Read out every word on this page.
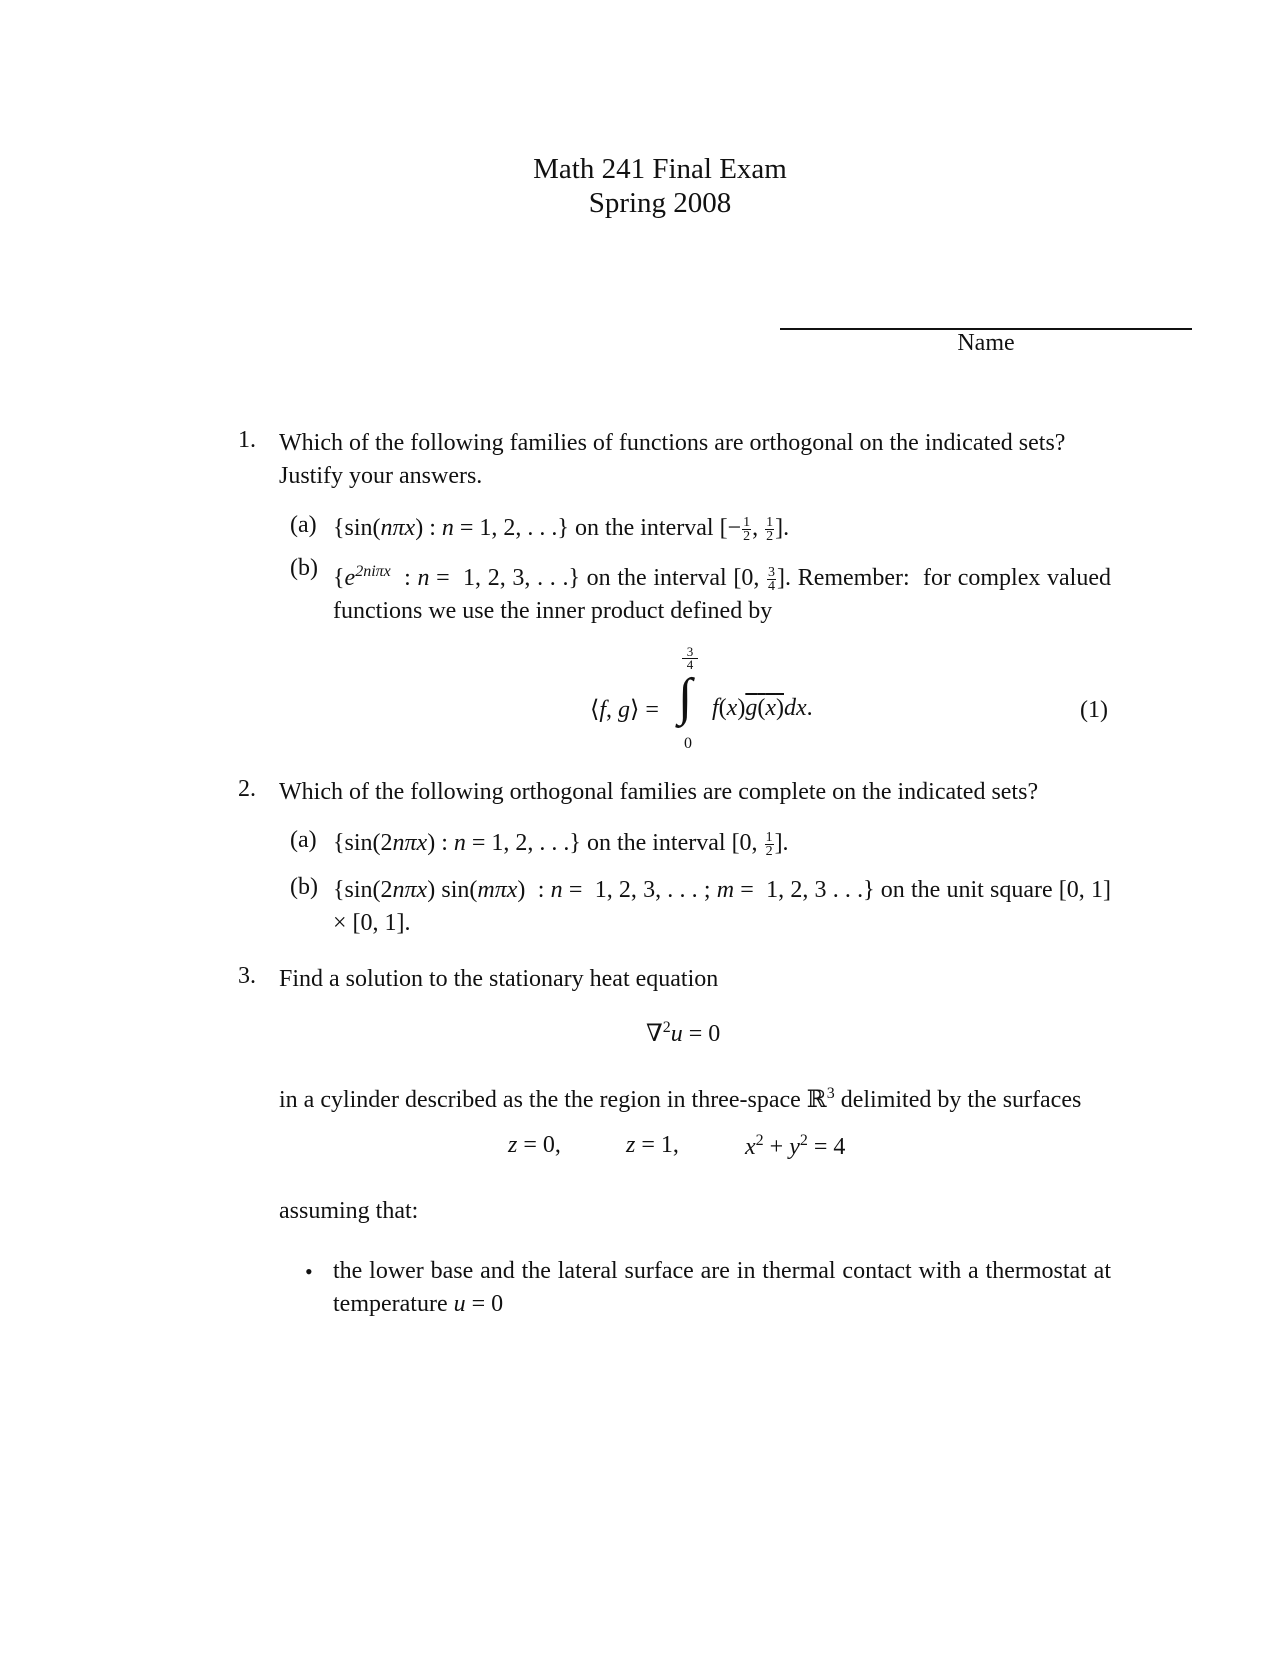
Math 241 Final Exam
Spring 2008
Name
1. Which of the following families of functions are orthogonal on the indicated sets? Justify your answers.
(a) {sin(nπx) : n = 1, 2, . . .} on the interval [− $\frac{1}{2}$ , $\frac{1}{2}$ ].
(b) {$e^{2ni\pi x}$  : n =  1, 2, 3, . . .} on the interval [0, $\frac{3}{4}$ ]. Remember:  for complex valued functions we use the inner product defined by
⟨f, g⟩ =
3
4
∫
0
f(x)g(x)dx.	(1)
2. Which of the following orthogonal families are complete on the indicated sets?
(a) {sin(2nπx) : n = 1, 2, . . .} on the interval [0, $\frac{1}{2}$ ].
(b) {sin(2nπx) sin(mπx)  : n =  1, 2, 3, . . . ; m =  1, 2, 3 . . .} on the unit square [0, 1] × [0, 1].
3. Find a solution to the stationary heat equation
∇$^2$u = 0
in a cylinder described as the the region in three-space ℝ$^3$ delimited by the surfaces
z = 0,	z = 1,	$x^2 + y^2 = 4$
assuming that:
• the lower base and the lateral surface are in thermal contact with a thermostat at temperature u = 0
